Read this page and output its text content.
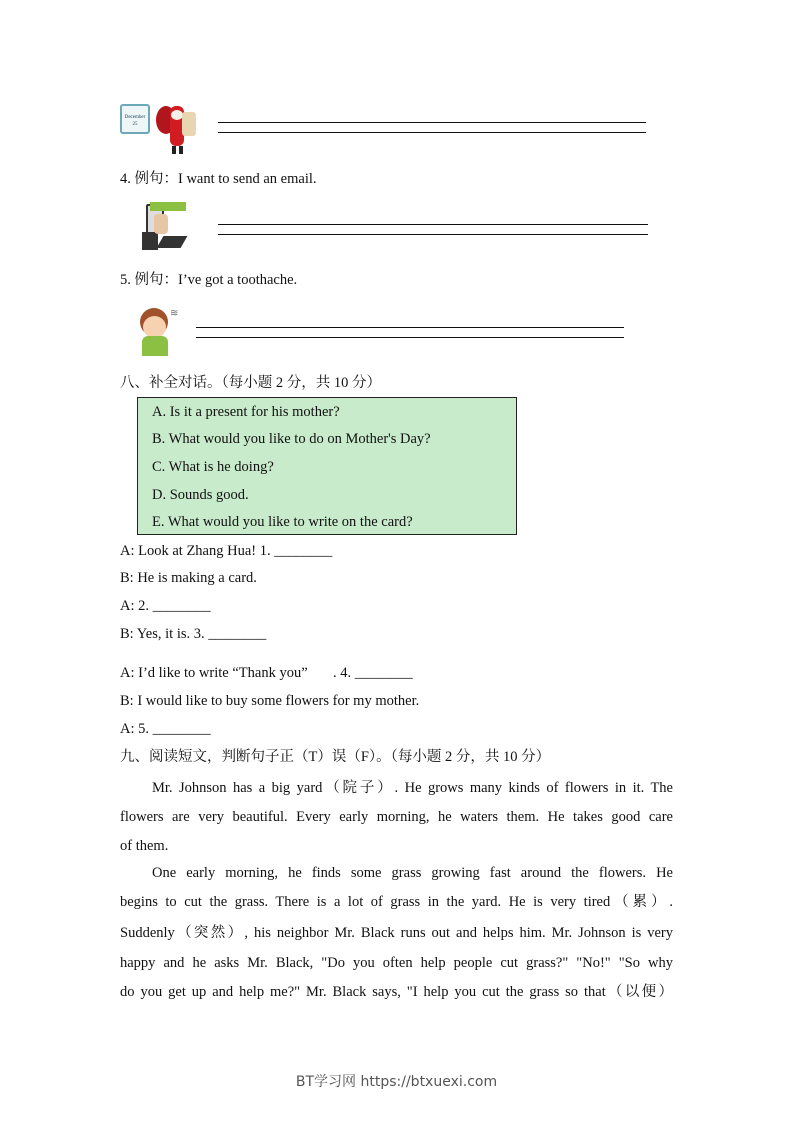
December 25
4. 例句：I want to send an email.
5. 例句：I’ve got a toothache.
≋
八、补全对话。（每小题 2 分，共 10 分）
A. Is it a present for his mother?
B. What would you like to do on Mother's Day?
C. What is he doing?
D. Sounds good.
E. What would you like to write on the card?
A: Look at Zhang Hua! 1. ________
B: He is making a card.
A: 2. ________
B: Yes, it is. 3. ________
A: I’d like to write “Thank you”       . 4. ________
B: I would like to buy some flowers for my mother.
A: 5. ________
九、阅读短文，判断句子正（T）误（F）。（每小题 2 分，共 10 分）
Mr. Johnson has a big yard（院子）. He grows many kinds of flowers in it. The
flowers are very beautiful. Every early morning, he waters them. He takes good care
of them.
One early morning, he finds some grass growing fast around the flowers. He
begins to cut the grass. There is a lot of grass in the yard. He is very tired（累）.
Suddenly（突然）, his neighbor Mr. Black runs out and helps him. Mr. Johnson is very
happy and he asks Mr. Black, "Do you often help people cut grass?" "No!" "So why
do you get up and help me?" Mr. Black says, "I help you cut the grass so that（以便）
BT学习网 https://btxuexi.com
